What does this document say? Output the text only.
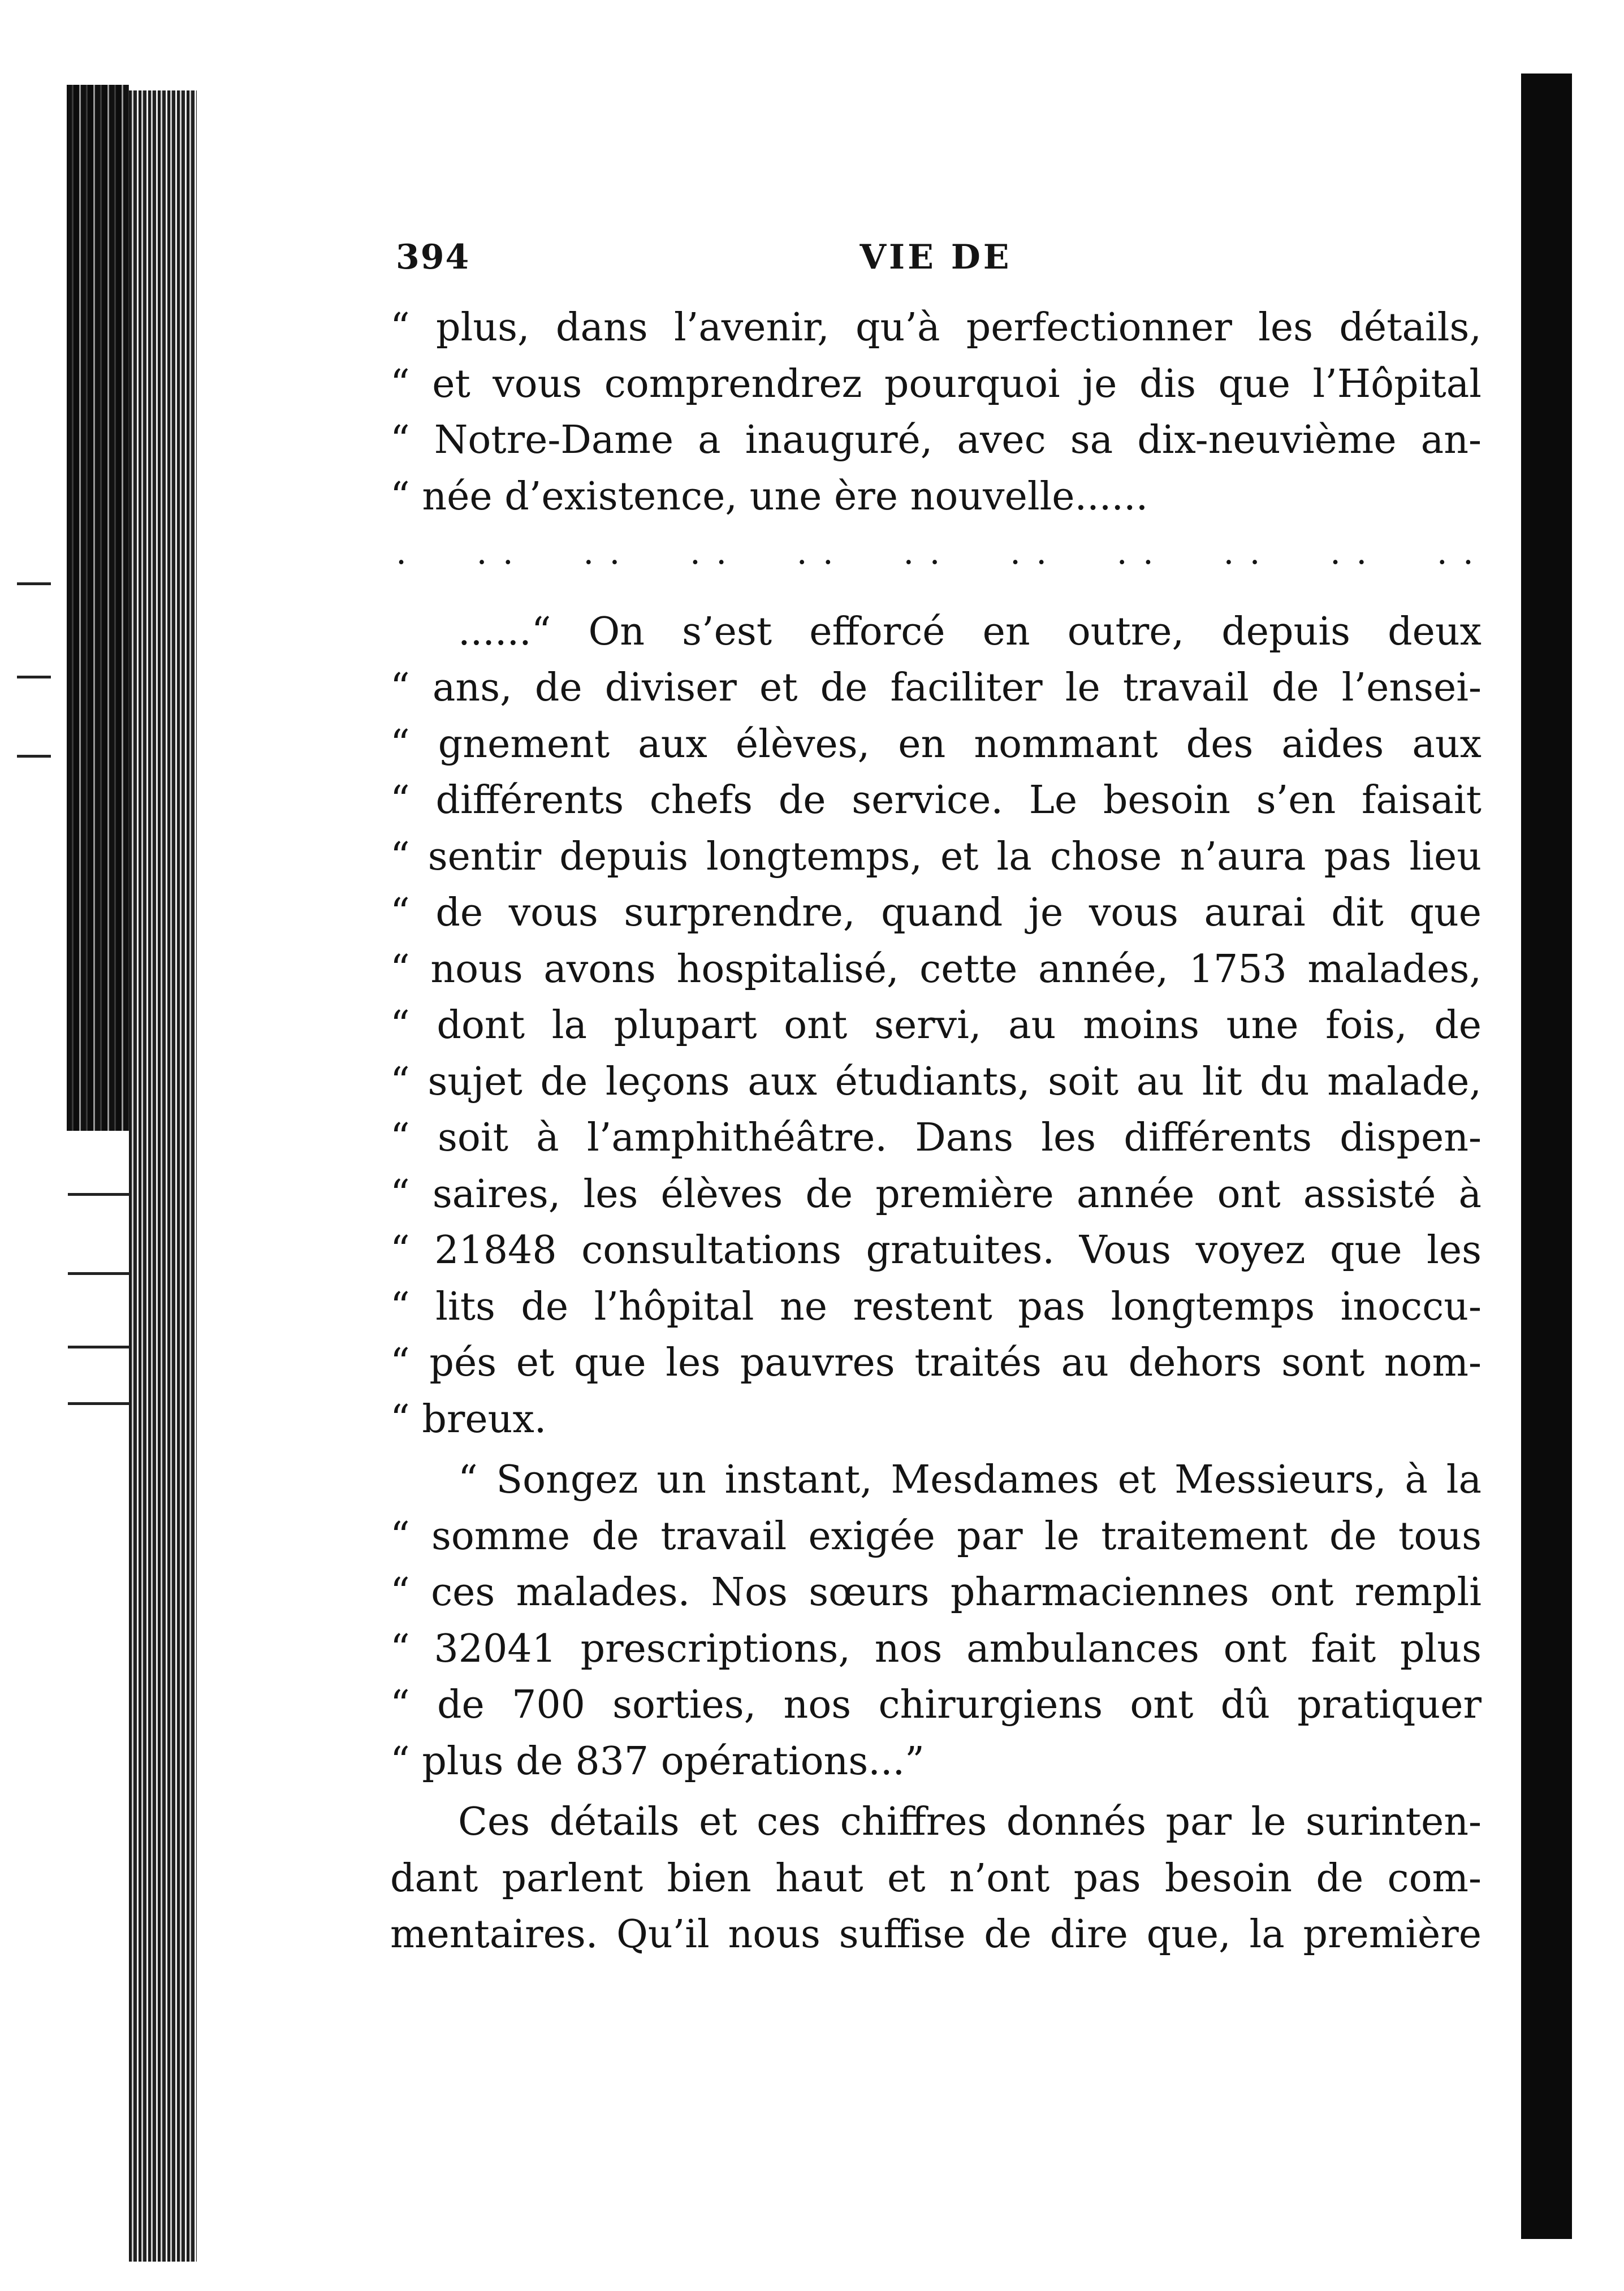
394	VIE DE
“ plus, dans l’avenir, qu’à perfectionner les détails,
“ et vous comprendrez pourquoi je dis que l’Hôpital
“ Notre-Dame a inauguré, avec sa dix-neuvième an-
“ née d’existence, une ère nouvelle......
. . . . . . . . . . . . . . . . . . . . .
......“ On s’est efforcé en outre, depuis deux
“ ans, de diviser et de faciliter le travail de l’ensei-
“ gnement aux élèves, en nommant des aides aux
“ différents chefs de service. Le besoin s’en faisait
“ sentir depuis longtemps, et la chose n’aura pas lieu
“ de vous surprendre, quand je vous aurai dit que
“ nous avons hospitalisé, cette année, 1753 malades,
“ dont la plupart ont servi, au moins une fois, de
“ sujet de leçons aux étudiants, soit au lit du malade,
“ soit à l’amphithéâtre. Dans les différents dispen-
“ saires, les élèves de première année ont assisté à
“ 21848 consultations gratuites. Vous voyez que les
“ lits de l’hôpital ne restent pas longtemps inoccu-
“ pés et que les pauvres traités au dehors sont nom-
“ breux.
“ Songez un instant, Mesdames et Messieurs, à la
“ somme de travail exigée par le traitement de tous
“ ces malades. Nos sœurs pharmaciennes ont rempli
“ 32041 prescriptions, nos ambulances ont fait plus
“ de 700 sorties, nos chirurgiens ont dû pratiquer
“ plus de 837 opérations...”
Ces détails et ces chiffres donnés par le surinten-
dant parlent bien haut et n’ont pas besoin de com-
mentaires. Qu’il nous suffise de dire que, la première
